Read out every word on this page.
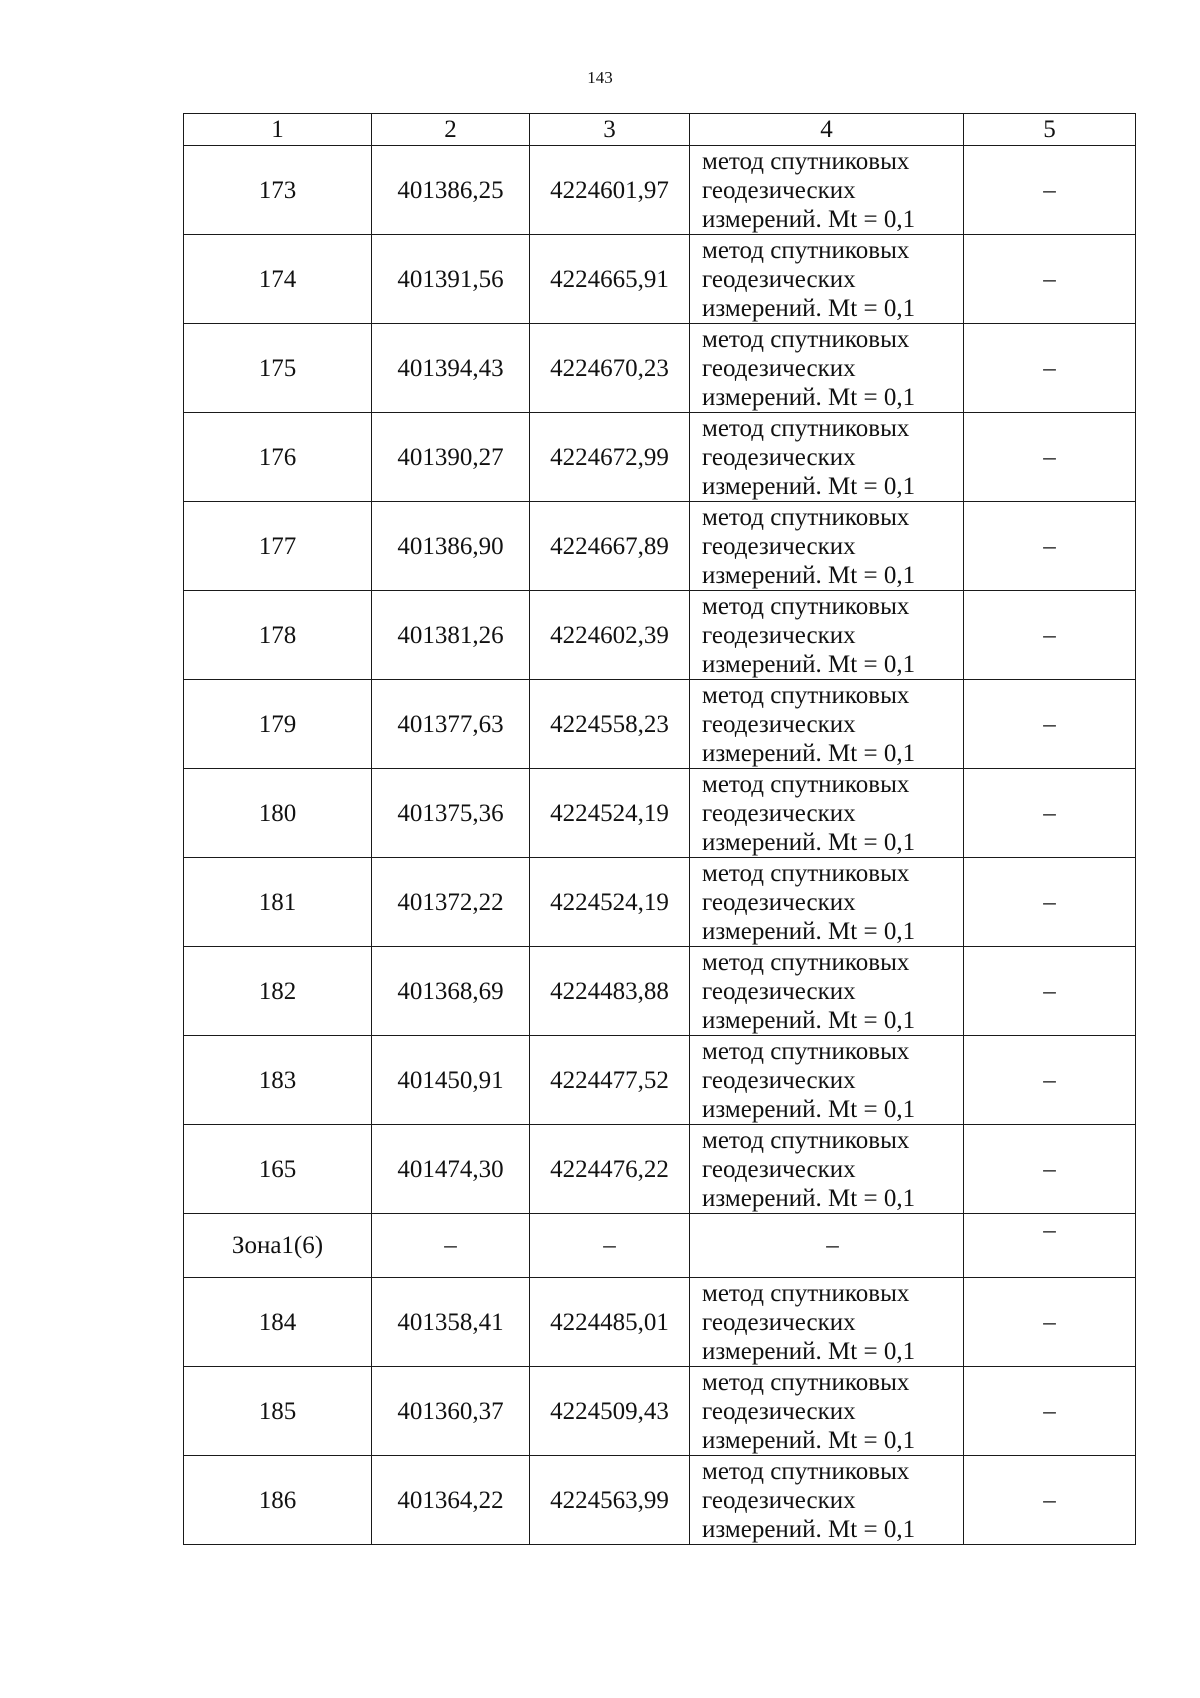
143
1	2	3	4	5
173	401386,25	4224601,97	метод спутниковых
геодезических
измерений. Mt = 0,1	–
174	401391,56	4224665,91	метод спутниковых
геодезических
измерений. Mt = 0,1	–
175	401394,43	4224670,23	метод спутниковых
геодезических
измерений. Mt = 0,1	–
176	401390,27	4224672,99	метод спутниковых
геодезических
измерений. Mt = 0,1	–
177	401386,90	4224667,89	метод спутниковых
геодезических
измерений. Mt = 0,1	–
178	401381,26	4224602,39	метод спутниковых
геодезических
измерений. Mt = 0,1	–
179	401377,63	4224558,23	метод спутниковых
геодезических
измерений. Mt = 0,1	–
180	401375,36	4224524,19	метод спутниковых
геодезических
измерений. Mt = 0,1	–
181	401372,22	4224524,19	метод спутниковых
геодезических
измерений. Mt = 0,1	–
182	401368,69	4224483,88	метод спутниковых
геодезических
измерений. Mt = 0,1	–
183	401450,91	4224477,52	метод спутниковых
геодезических
измерений. Mt = 0,1	–
165	401474,30	4224476,22	метод спутниковых
геодезических
измерений. Mt = 0,1	–
Зона1(6)	–	–	–	–
184	401358,41	4224485,01	метод спутниковых
геодезических
измерений. Mt = 0,1	–
185	401360,37	4224509,43	метод спутниковых
геодезических
измерений. Mt = 0,1	–
186	401364,22	4224563,99	метод спутниковых
геодезических
измерений. Mt = 0,1	–
